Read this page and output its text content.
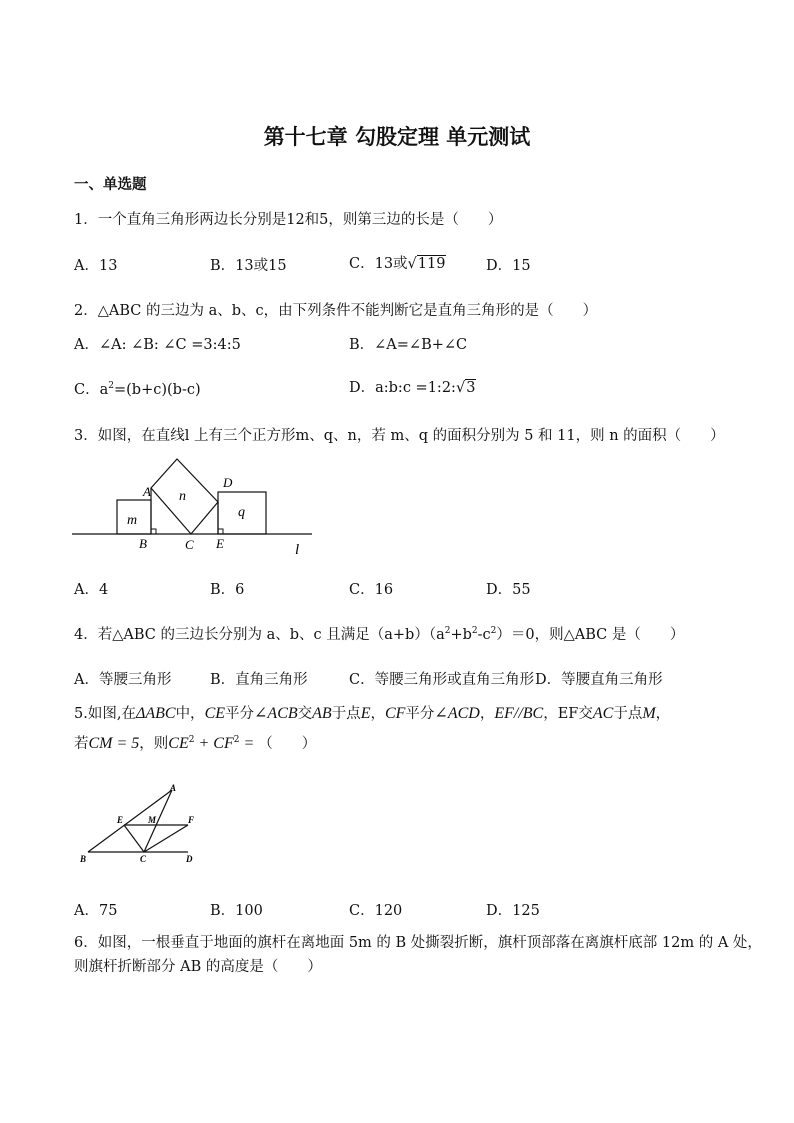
第十七章 勾股定理 单元测试
一、单选题
1．一个直角三角形两边长分别是12和5，则第三边的长是（　　）
A．13	B．13或15	C．13或√119	D．15
2．△ABC 的三边为 a、b、c，由下列条件不能判断它是直角三角形的是（　　）
A．∠A: ∠B: ∠C =3:4:5	B．∠A=∠B+∠C
C．$a^2=(b+c)(b-c)$	D．a:b:c =1:2:√3
3．如图，在直线l 上有三个正方形m、q、n，若 m、q 的面积分别为 5 和 11，则 n 的面积（　　）
m
n
q
A
D
B	C E	l
A．4	B．6	C．16	D．55
4．若△ABC 的三边长分别为 a、b、c 且满足$(a+b)(a^2+b^2-c^2)=0$，则△ABC 是（　　）
A．等腰三角形	B．直角三角形	C．等腰三角形或直角三角形 D．等腰直角三角形
5.如图,在ΔABC中，CE平分∠ACB交AB于点E，CF平分∠ACD，EF//BC，EF交AC于点M，
若CM = 5，则$CE^2 + CF^2$ = （　　）
A
E	M	F
B	C	D
A．75	B．100	C．120	D．125
6．如图，一根垂直于地面的旗杆在离地面 5m 的 B 处撕裂折断，旗杆顶部落在离旗杆底部 12m 的 A 处，
则旗杆折断部分 AB 的高度是（　　）
